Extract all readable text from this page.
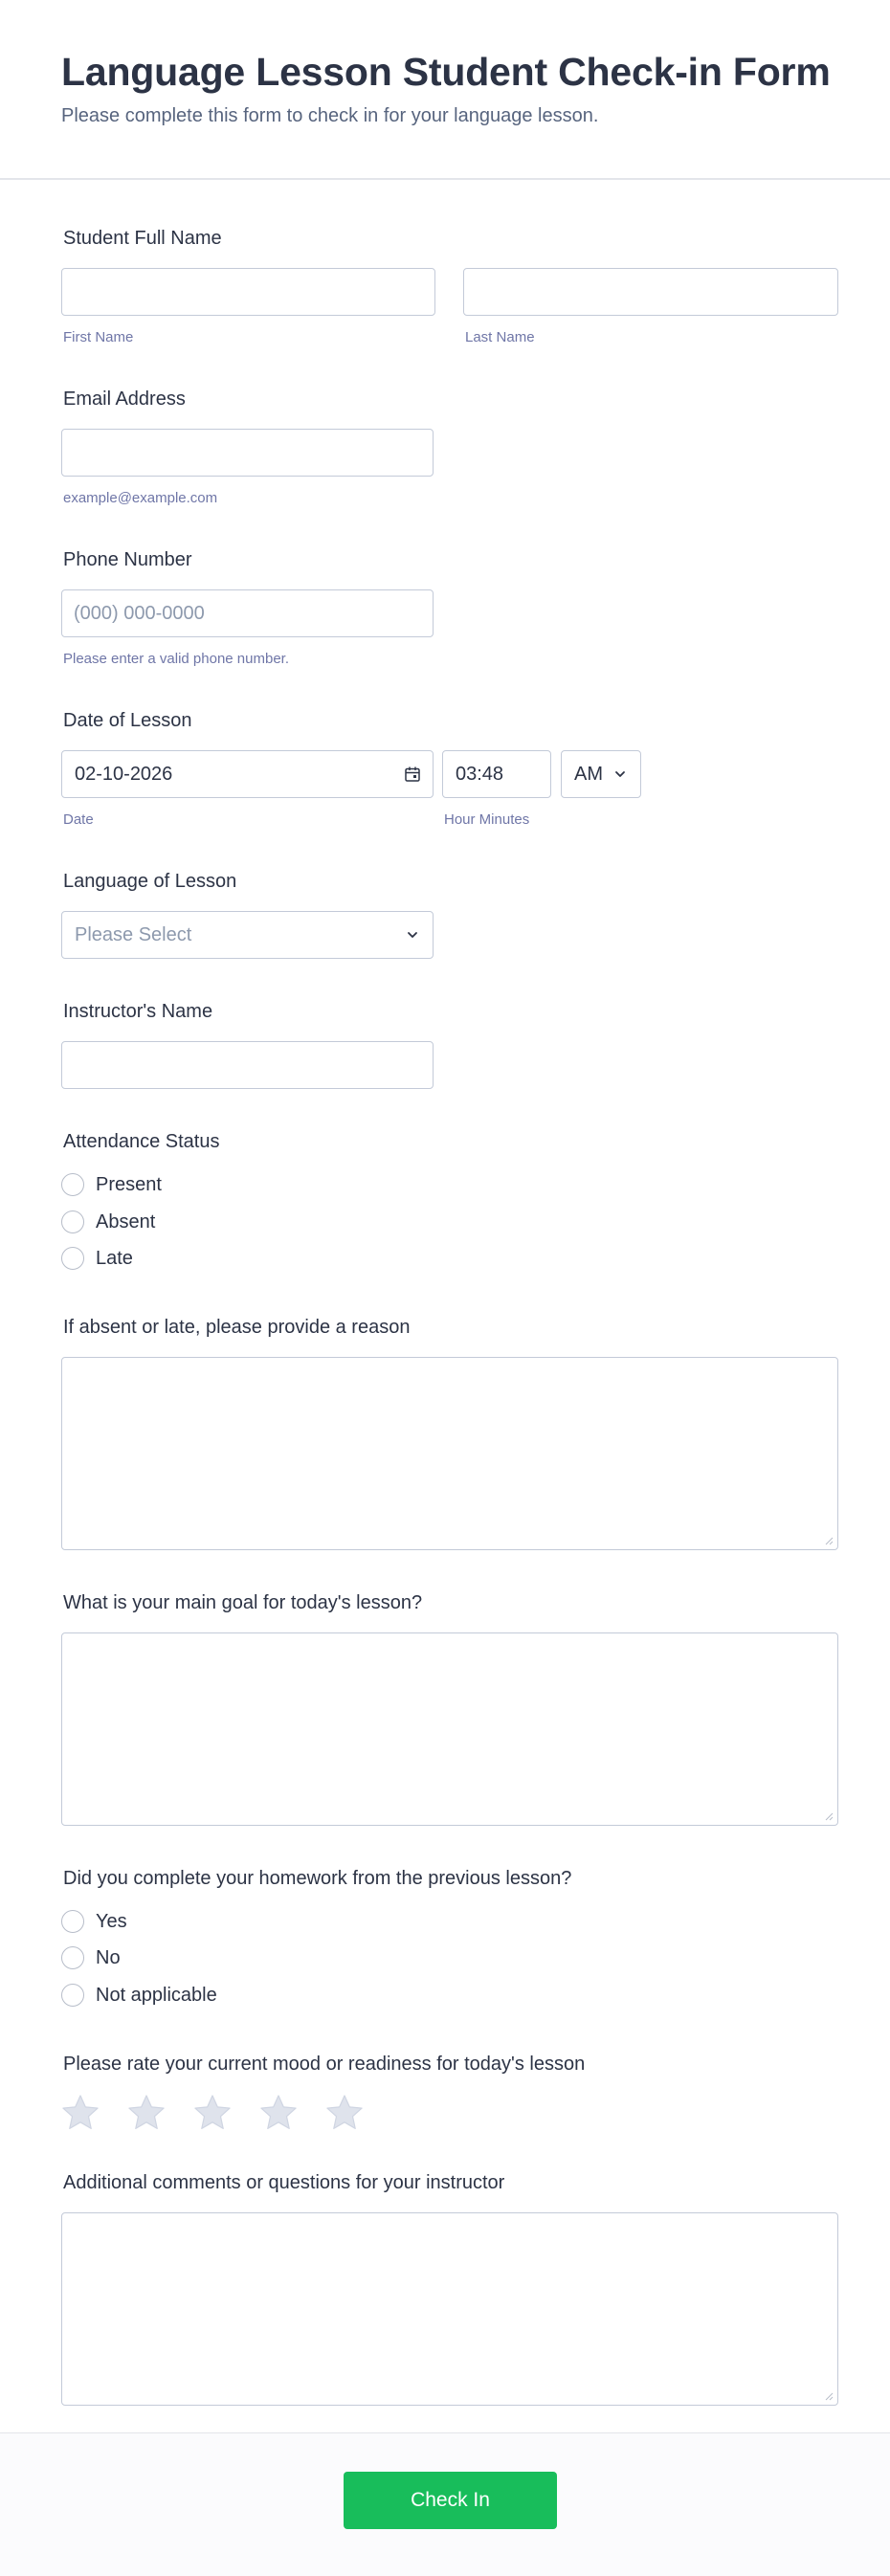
Language Lesson Student Check-in Form
Please complete this form to check in for your language lesson.
Student Full Name
First Name	Last Name
Email Address
example@example.com
Phone Number
(000) 000-0000
Please enter a valid phone number.
Date of Lesson
02-10-2026	03:48	AM
Date	Hour Minutes
Language of Lesson
Please Select
Instructor's Name
Attendance Status
Present
Absent
Late
If absent or late, please provide a reason
What is your main goal for today's lesson?
Did you complete your homework from the previous lesson?
Yes
No
Not applicable
Please rate your current mood or readiness for today's lesson
Additional comments or questions for your instructor
Check In
